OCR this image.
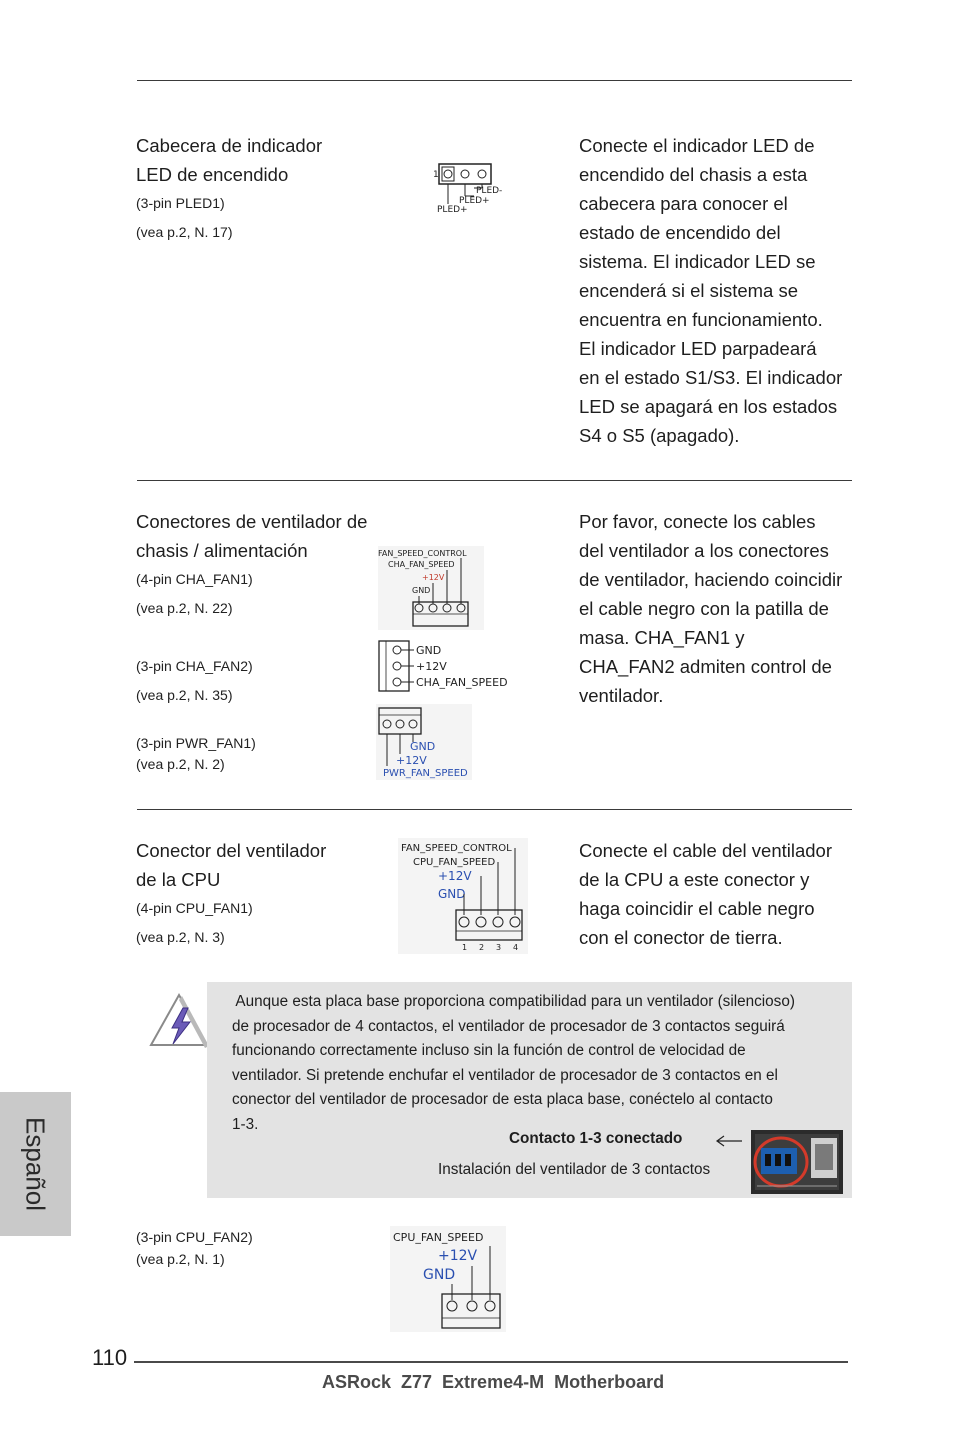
Cabecera de indicador
LED de encendido
(3-pin PLED1)
(vea p.2, N. 17)
1
PLED-
PLED+
PLED+

Conecte el indicador LED de

encendido del chasis a esta

cabecera para conocer el

estado de encendido del

sistema. El indicador LED se

encenderá si el sistema se

encuentra en funcionamiento.

El indicador LED parpadeará

en el estado S1/S3. El indicador

LED se apagará en los estados

S4 o S5 (apagado).

Conectores de ventilador de
chasis / alimentación
(4-pin CHA_FAN1)
(vea p.2, N. 22)
(3-pin CHA_FAN2)
(vea p.2, N. 35)
(3-pin PWR_FAN1)
(vea p.2, N. 2)
FAN_SPEED_CONTROL
CHA_FAN_SPEED
+12V
GND
GND
+12V
CHA_FAN_SPEED
GND
+12V
PWR_FAN_SPEED

Por favor, conecte los cables

del ventilador a los conectores

de ventilador, haciendo coincidir

el cable negro con la patilla de

masa. CHA_FAN1 y

CHA_FAN2 admiten control de

ventilador.

Conector del ventilador
de la CPU
(4-pin CPU_FAN1)
(vea p.2, N. 3)
FAN_SPEED_CONTROL
CPU_FAN_SPEED
+12V
GND
1 2 3 4

Conecte el cable del ventilador

de la CPU a este conector y

haga coincidir el cable negro

con el conector de tierra.

Aunque esta placa base proporciona compatibilidad para un ventilador (silencioso)

de procesador de 4 contactos, el ventilador de procesador de 3 contactos seguirá

funcionando correctamente incluso sin la función de control de velocidad de

ventilador. Si pretende enchufar el ventilador de procesador de 3 contactos en el

conector del ventilador de procesador de esta placa base, conéctelo al contacto

1-3.

Contacto 1-3 conectado
Instalación del ventilador de 3 contactos
(3-pin CPU_FAN2)
(vea p.2, N. 1)
CPU_FAN_SPEED
+12V
GND
Español
110
ASRock  Z77  Extreme4-M  Motherboard
